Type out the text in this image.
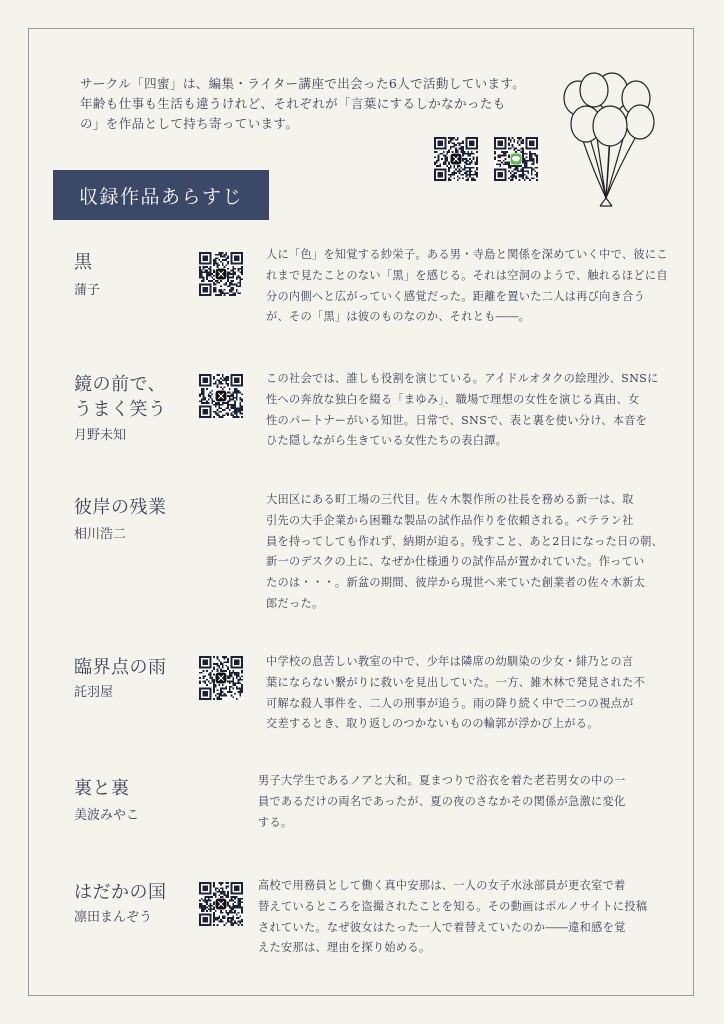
サークル「四蜜」は、編集・ライター講座で出会った6人で活動しています。
年齢も仕事も生活も違うけれど、それぞれが「言葉にするしかなかったも
の」を作品として持ち寄っています。
収録作品あらすじ
黒
蒲子
人に「色」を知覚する紗栄子。ある男・寺島と関係を深めていく中で、彼にこ
れまで見たことのない「黒」を感じる。それは空洞のようで、触れるほどに自
分の内側へと広がっていく感覚だった。距離を置いた二人は再び向き合う
が、その「黒」は彼のものなのか、それとも――。
鏡の前で、
うまく笑う
月野未知
この社会では、誰しも役割を演じている。アイドルオタクの絵理沙、SNSに
性への奔放な独白を綴る「まゆみ」、職場で理想の女性を演じる真由、女
性のパートナーがいる知世。日常で、SNSで、表と裏を使い分け、本音を
ひた隠しながら生きている女性たちの表白譚。
彼岸の残業
相川浩二
大田区にある町工場の三代目。佐々木製作所の社長を務める新一は、取
引先の大手企業から困難な製品の試作品作りを依頼される。ベテラン社
員を持ってしても作れず、納期が迫る。残すこと、あと2日になった日の朝、
新一のデスクの上に、なぜか仕様通りの試作品が置かれていた。作ってい
たのは・・・。新盆の期間、彼岸から現世へ来ていた創業者の佐々木新太
郎だった。
臨界点の雨
託羽屋
中学校の息苦しい教室の中で、少年は隣席の幼馴染の少女・緋乃との言
葉にならない繋がりに救いを見出していた。一方、雑木林で発見された不
可解な殺人事件を、二人の刑事が追う。雨の降り続く中で二つの視点が
交差するとき、取り返しのつかないものの輪郭が浮かび上がる。
裏と裏
美波みやこ
男子大学生であるノアと大和。夏まつりで浴衣を着た老若男女の中の一
員であるだけの両名であったが、夏の夜のさなかその関係が急激に変化
する。
はだかの国
凛田まんぞう
高校で用務員として働く真中安那は、一人の女子水泳部員が更衣室で着
替えているところを盗撮されたことを知る。その動画はポルノサイトに投稿
されていた。なぜ彼女はたった一人で着替えていたのか――違和感を覚
えた安那は、理由を探り始める。
